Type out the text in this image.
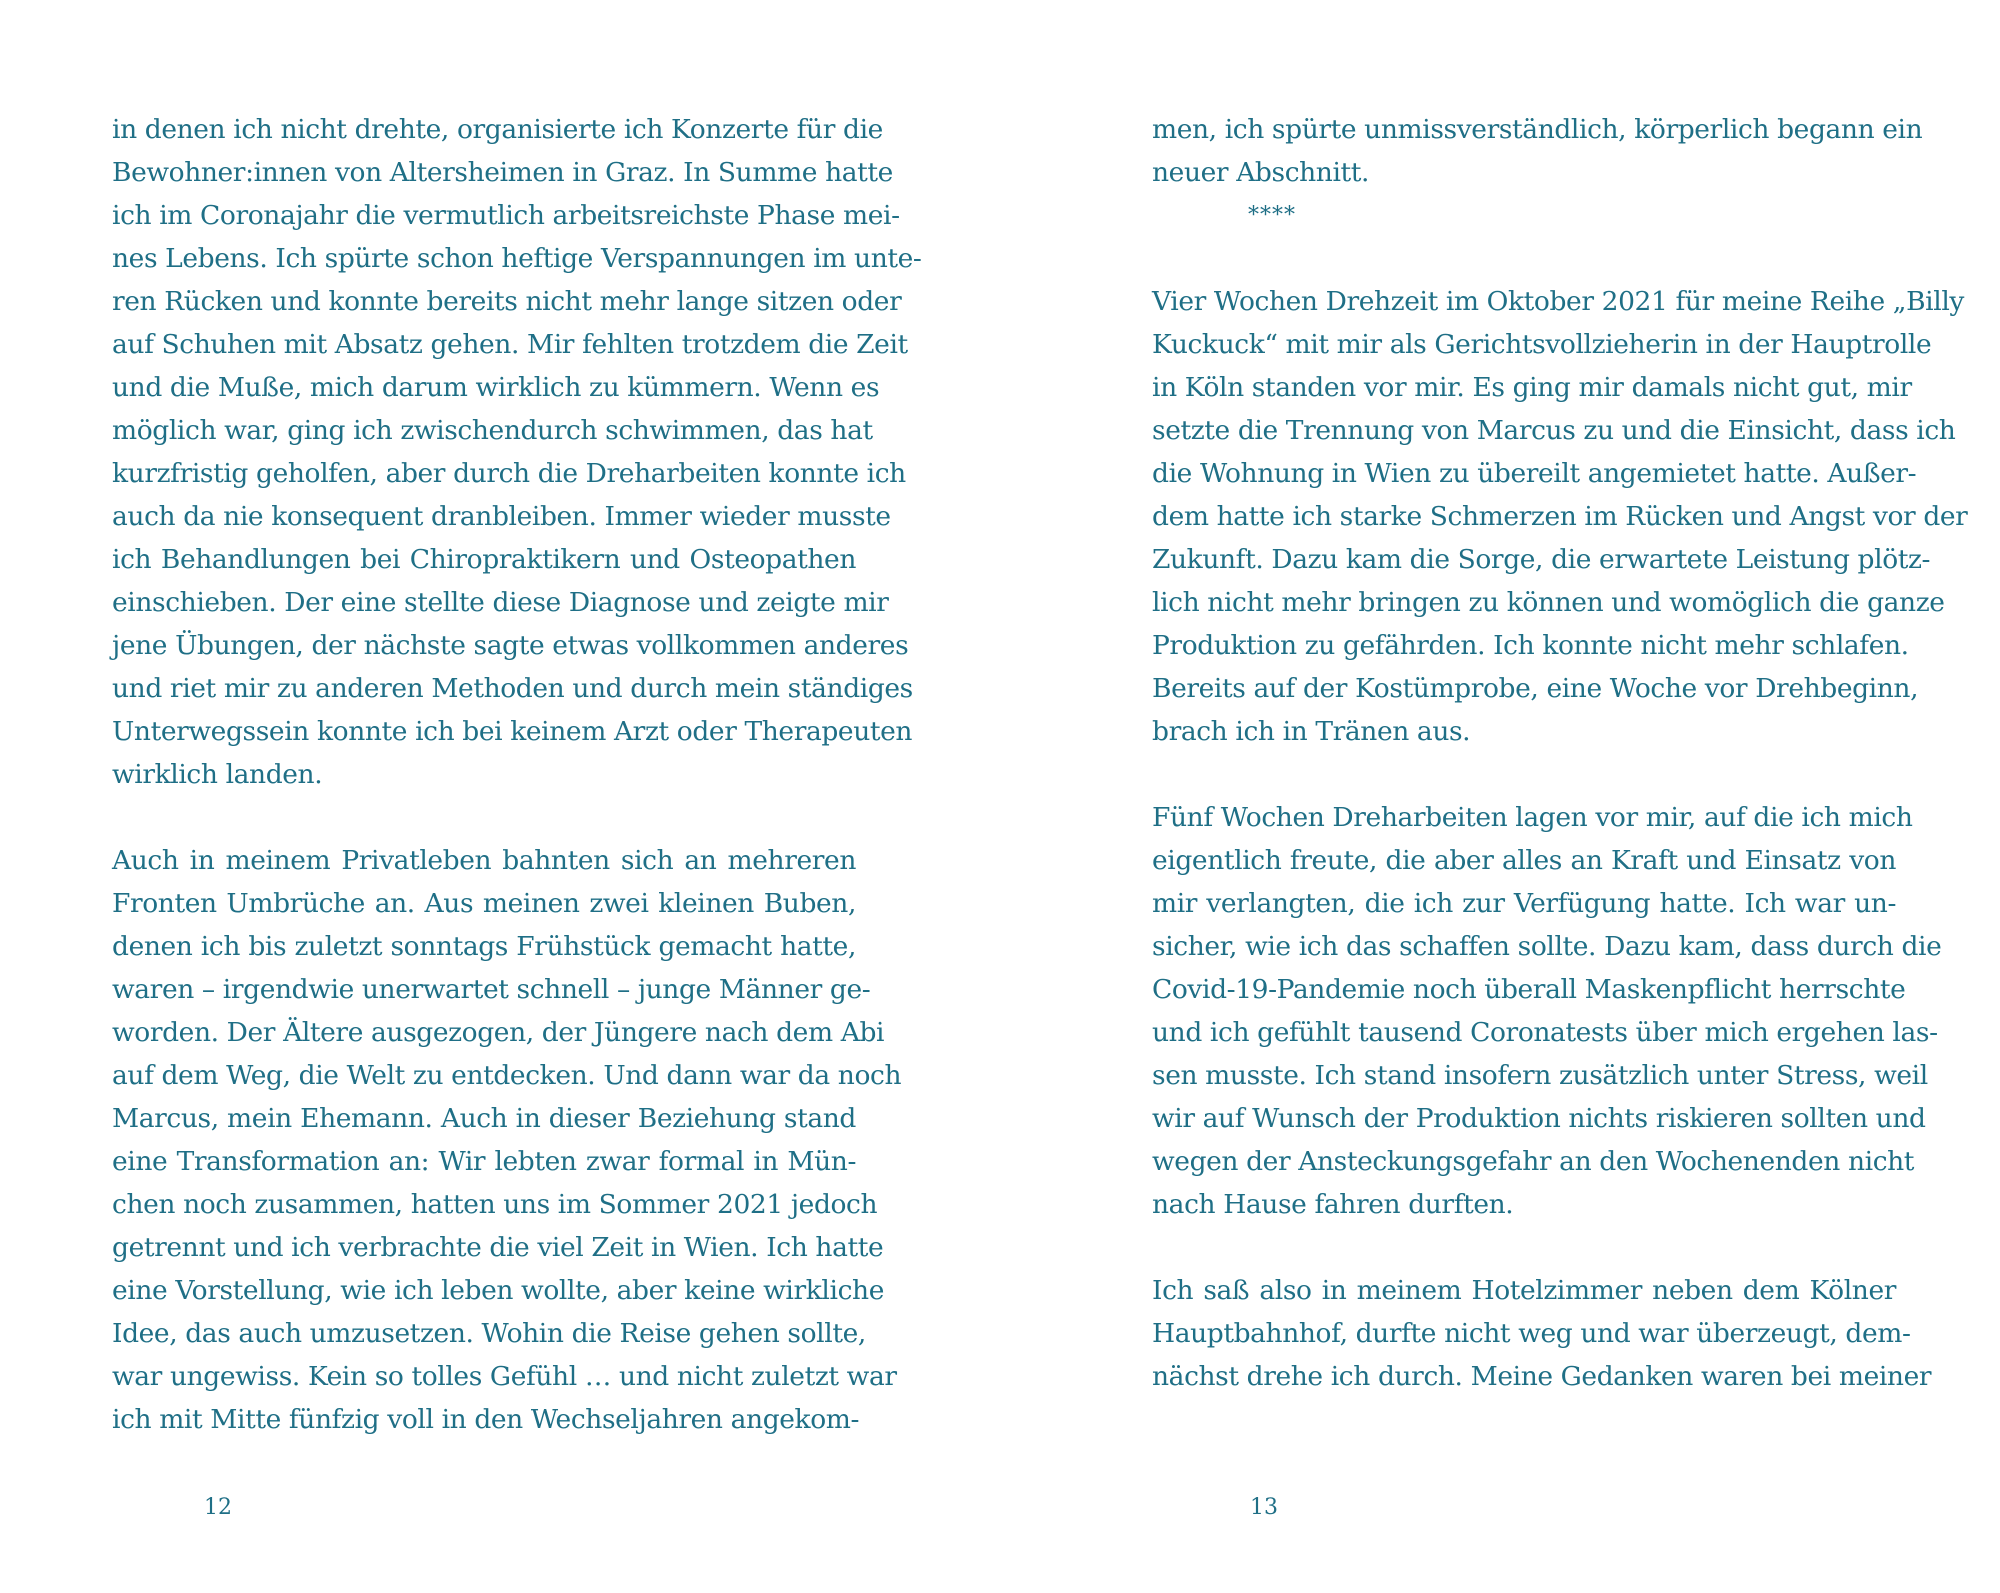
in denen ich nicht drehte, organisierte ich Konzerte für die
Bewohner:innen von Altersheimen in Graz. In Summe hatte
ich im Coronajahr die vermutlich arbeitsreichste Phase mei-
nes Lebens. Ich spürte schon heftige Verspannungen im unte-
ren Rücken und konnte bereits nicht mehr lange sitzen oder
auf Schuhen mit Absatz gehen. Mir fehlten trotzdem die Zeit
und die Muße, mich darum wirklich zu kümmern. Wenn es
möglich war, ging ich zwischendurch schwimmen, das hat
kurzfristig geholfen, aber durch die Dreharbeiten konnte ich
auch da nie konsequent dranbleiben. Immer wieder musste
ich Behandlungen bei Chiropraktikern und Osteopathen
einschieben. Der eine stellte diese Diagnose und zeigte mir
jene Übungen, der nächste sagte etwas vollkommen anderes
und riet mir zu anderen Methoden und durch mein ständiges
Unterwegssein konnte ich bei keinem Arzt oder Therapeuten
wirklich landen.
Auch in meinem Privatleben bahnten sich an mehreren
Fronten Umbrüche an. Aus meinen zwei kleinen Buben,
denen ich bis zuletzt sonntags Frühstück gemacht hatte,
waren – irgendwie unerwartet schnell – junge Männer ge-
worden. Der Ältere ausgezogen, der Jüngere nach dem Abi
auf dem Weg, die Welt zu entdecken. Und dann war da noch
Marcus, mein Ehemann. Auch in dieser Beziehung stand
eine Transformation an: Wir lebten zwar formal in Mün-
chen noch zusammen, hatten uns im Sommer 2021 jedoch
getrennt und ich verbrachte die viel Zeit in Wien. Ich hatte
eine Vorstellung, wie ich leben wollte, aber keine wirkliche
Idee, das auch umzusetzen. Wohin die Reise gehen sollte,
war ungewiss. Kein so tolles Gefühl … und nicht zuletzt war
ich mit Mitte fünfzig voll in den Wechseljahren angekom-
12
men, ich spürte unmissverständlich, körperlich begann ein
neuer Abschnitt.
****
Vier Wochen Drehzeit im Oktober 2021 für meine Reihe „Billy
Kuckuck“ mit mir als Gerichtsvollzieherin in der Hauptrolle
in Köln standen vor mir. Es ging mir damals nicht gut, mir
setzte die Trennung von Marcus zu und die Einsicht, dass ich
die Wohnung in Wien zu übereilt angemietet hatte. Außer-
dem hatte ich starke Schmerzen im Rücken und Angst vor der
Zukunft. Dazu kam die Sorge, die erwartete Leistung plötz-
lich nicht mehr bringen zu können und womöglich die ganze
Produktion zu gefährden. Ich konnte nicht mehr schlafen.
Bereits auf der Kostümprobe, eine Woche vor Drehbeginn,
brach ich in Tränen aus.
Fünf Wochen Dreharbeiten lagen vor mir, auf die ich mich
eigentlich freute, die aber alles an Kraft und Einsatz von
mir verlangten, die ich zur Verfügung hatte. Ich war un-
sicher, wie ich das schaffen sollte. Dazu kam, dass durch die
Covid-19-Pandemie noch überall Maskenpflicht herrschte
und ich gefühlt tausend Coronatests über mich ergehen las-
sen musste. Ich stand insofern zusätzlich unter Stress, weil
wir auf Wunsch der Produktion nichts riskieren sollten und
wegen der Ansteckungsgefahr an den Wochenenden nicht
nach Hause fahren durften.
Ich saß also in meinem Hotelzimmer neben dem Kölner
Hauptbahnhof, durfte nicht weg und war überzeugt, dem-
nächst drehe ich durch. Meine Gedanken waren bei meiner
13
